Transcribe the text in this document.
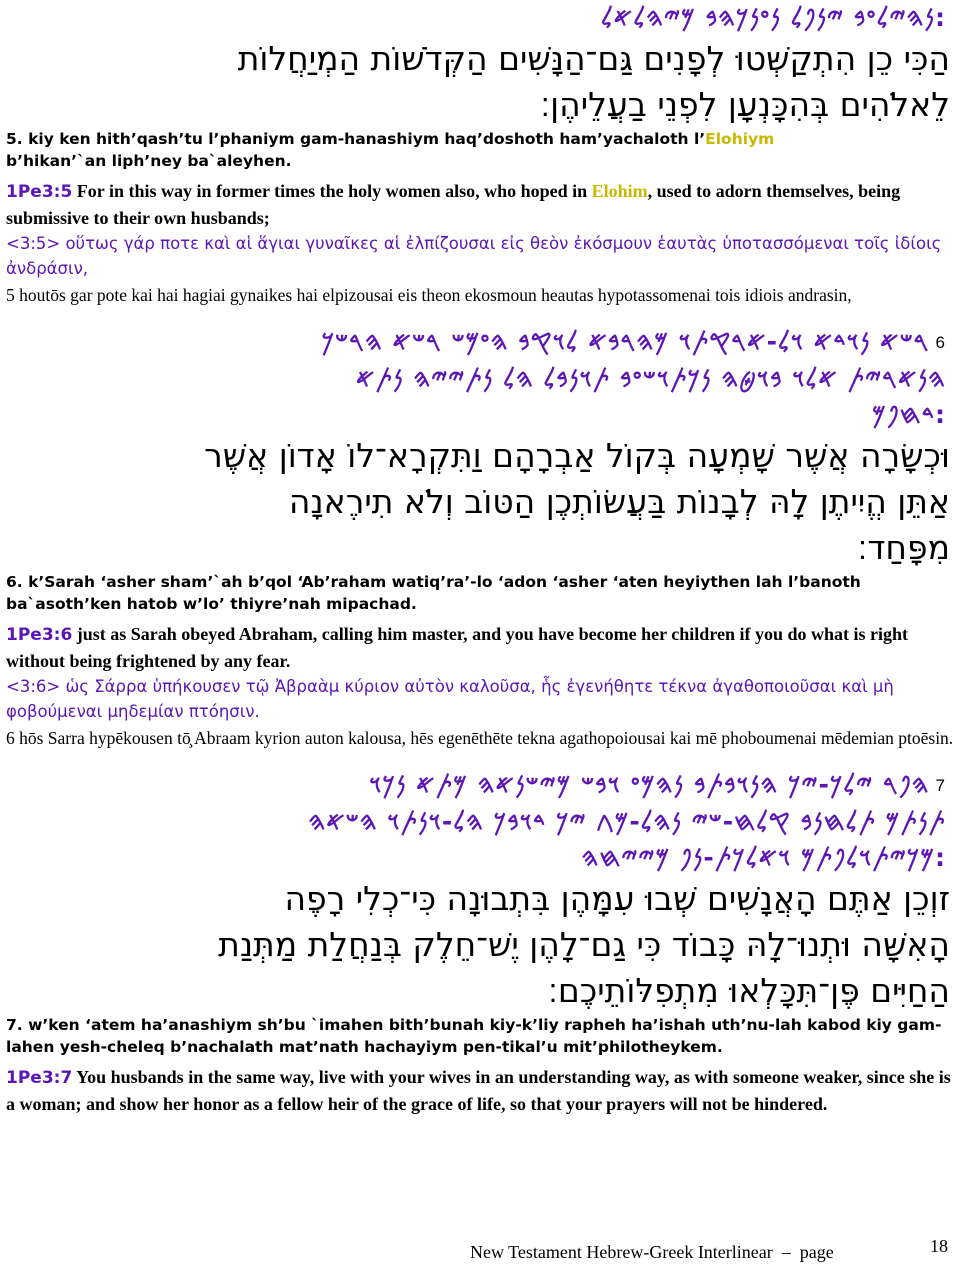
:𐤍𐤄𐤉𐤋𐤏𐤁 𐤉𐤍𐤐𐤋 𐤍𐤏𐤍𐤊𐤄𐤁 𐤌𐤉𐤄𐤋𐤀𐤋
הַכִּי כֵן הִתְקַשְּׁטוּ לְפָנִים גַּם־הַנָּשִׁים הַקְּדֹשׁוֹת הַמְיַחֲלוֹת
לֵאלֹהִים בְּהִכָּנְעָן לִפְנֵי בַעֲלֵיהֶן׃
5. kiy ken hith’qash’tu l’phaniym gam-hanashiym haq’doshoth ham’yachaloth l’Elohiym
b’hikan’`an liph’ney ba`aleyhen.
1Pe3:5 For in this way in former times the holy women also, who hoped in Elohim, used to adorn themselves, being submissive to their own husbands;
<3:5> οὕτως γάρ ποτε καὶ αἱ ἅγιαι γυναῖκες αἱ ἐλπίζουσαι εἰς θεὸν ἐκόσμουν ἑαυτὰς ὑποτασσόμεναι τοῖς ἰδίοις ἀνδράσιν,
5 houtōs gar pote kai hai hagiai gynaikes hai elpizousai eis theon ekosmoun heautas hypotassomenai tois idiois andrasin,
6𐤓𐤔𐤀 𐤍𐤅𐤃𐤀 𐤅𐤋-𐤀𐤓𐤒𐤕𐤅 𐤌𐤄𐤓𐤁𐤀 𐤋𐤅𐤒𐤁 𐤄𐤏𐤌𐤔 𐤓𐤔𐤀 𐤄𐤓𐤔𐤊
𐤄𐤍𐤀𐤓𐤉𐤕 𐤀𐤋𐤅 𐤁𐤅𐤈𐤄 𐤍𐤊𐤕𐤅𐤔𐤏𐤁 𐤕𐤅𐤍𐤁𐤋 𐤄𐤋 𐤍𐤕𐤉𐤉𐤄 𐤍𐤕𐤀
:𐤃𐤇𐤐𐤌
וּכְשָׂרָה אֲשֶׁר שָׁמְעָה בְּקוֹל אַבְרָהָם וַתִּקְרָא־לוֹ אָדוֹן אֲשֶׁר
אַתֵּן הֱיִיתֶן לָהּ לְבָנוֹת בַּעֲשׂוֹתְכֶן הַטּוֹב וְלֹא תִירֶאנָה
מִפָּחַד׃
6. k’Sarah ‘asher sham’`ah b’qol ‘Ab’raham watiq’ra’-lo ‘adon ‘asher ‘aten heyiythen lah l’banoth ba`asoth’ken hatob w’lo’ thiyre’nah mipachad.
1Pe3:6 just as Sarah obeyed Abraham, calling him master, and you have become her children if you do what is right without being frightened by any fear.
<3:6> ὡς Σάρρα ὑπήκουσεν τῷ Ἀβραὰμ κύριον αὐτὸν καλοῦσα, ἧς ἐγενήθητε τέκνα ἀγαθοποιοῦσαι καὶ μὴ φοβούμεναι μηδεμίαν πτόησιν.
6 hōs Sarra hypēkousen tō̧ Abraam kyrion auton kalousa, hēs egenēthēte tekna agathopoiousai kai mē phoboumenai mēdemian ptoēsin.
7𐤄𐤐𐤓 𐤉𐤋𐤊-𐤉𐤊 𐤄𐤍𐤅𐤁𐤕𐤁 𐤍𐤄𐤌𐤏 𐤅𐤁𐤔 𐤌𐤉𐤔𐤍𐤀𐤄 𐤌𐤕𐤀 𐤍𐤊𐤅
𐤕𐤍𐤕𐤌 𐤕𐤋𐤇𐤍𐤁 𐤒𐤋𐤇-𐤔𐤉 𐤍𐤄𐤋-𐤌𐤂 𐤉𐤊 𐤃𐤅𐤁𐤊 𐤄𐤋-𐤅𐤍𐤕𐤅 𐤄𐤔𐤀𐤄
:𐤌𐤊𐤉𐤕𐤅𐤋𐤐𐤕𐤌 𐤅𐤀𐤋𐤊𐤕-𐤍𐤐 𐤌𐤉𐤉𐤇𐤄
זוְכֵן אַתֶּם הָאֲנָשִׁים שְׁבוּ עִמָּהֶן בִּתְבוּנָה כִּי־כְלִי רָפֶה
הָאִשָּׁה וּתְנוּ־לָהּ כָּבוֹד כִּי גַם־לָהֶן יֶשׁ־חֵלֶק בְּנַחֲלַת מַתְּנַת
הַחַיִּים פֶּן־תִּכָּלְאוּ מִתְפִלּוֹתֵיכֶם׃
7. w’ken ‘atem ha’anashiym sh’bu `imahen bith’bunah kiy-k’liy rapheh ha’ishah uth’nu-lah kabod kiy gam-lahen yesh-cheleq b’nachalath mat’nath hachayiym pen-tikal’u mit’philotheykem.
1Pe3:7 You husbands in the same way, live with your wives in an understanding way, as with someone weaker, since she is a woman; and show her honor as a fellow heir of the grace of life, so that your prayers will not be hindered.
New Testament Hebrew-Greek Interlinear  –  page	18
